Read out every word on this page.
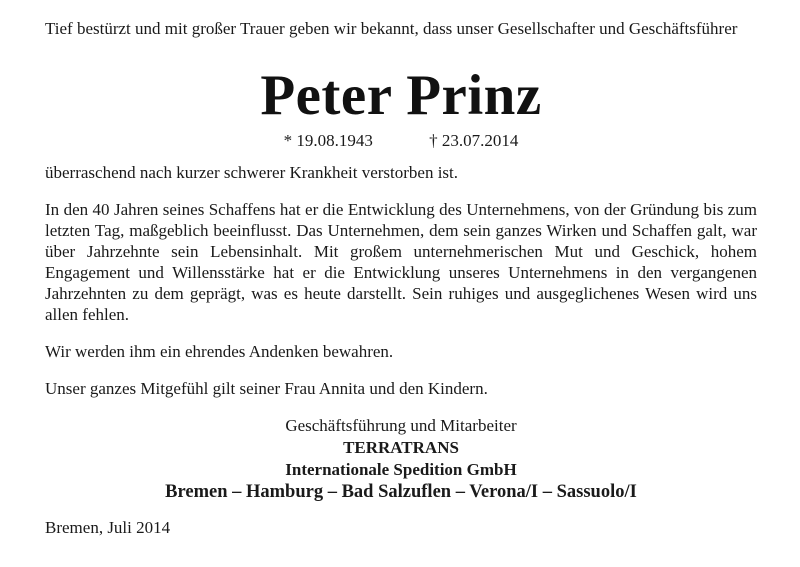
Tief bestürzt und mit großer Trauer geben wir bekannt, dass unser Gesellschafter und Geschäftsführer

Peter Prinz
* 19.08.1943	† 23.07.2014

überraschend nach kurzer schwerer Krankheit verstorben ist.

In den 40 Jahren seines Schaffens hat er die Entwicklung des Unternehmens, von der Gründung bis zum letzten Tag, maßgeblich beeinflusst. Das Unternehmen, dem sein ganzes Wirken und Schaffen galt, war über Jahrzehnte sein Lebensinhalt. Mit großem unternehmerischen Mut und Geschick, hohem Engagement und Willensstärke hat er die Entwicklung unseres Unternehmens in den vergangenen Jahrzehnten zu dem geprägt, was es heute darstellt. Sein ruhiges und ausgeglichenes Wesen wird uns allen fehlen.

Wir werden ihm ein ehrendes Andenken bewahren.

Unser ganzes Mitgefühl gilt seiner Frau Annita und den Kindern.

Geschäftsführung und Mitarbeiter
TERRATRANS
Internationale Spedition GmbH
Bremen – Hamburg – Bad Salzuflen – Verona/I – Sassuolo/I

Bremen, Juli 2014
